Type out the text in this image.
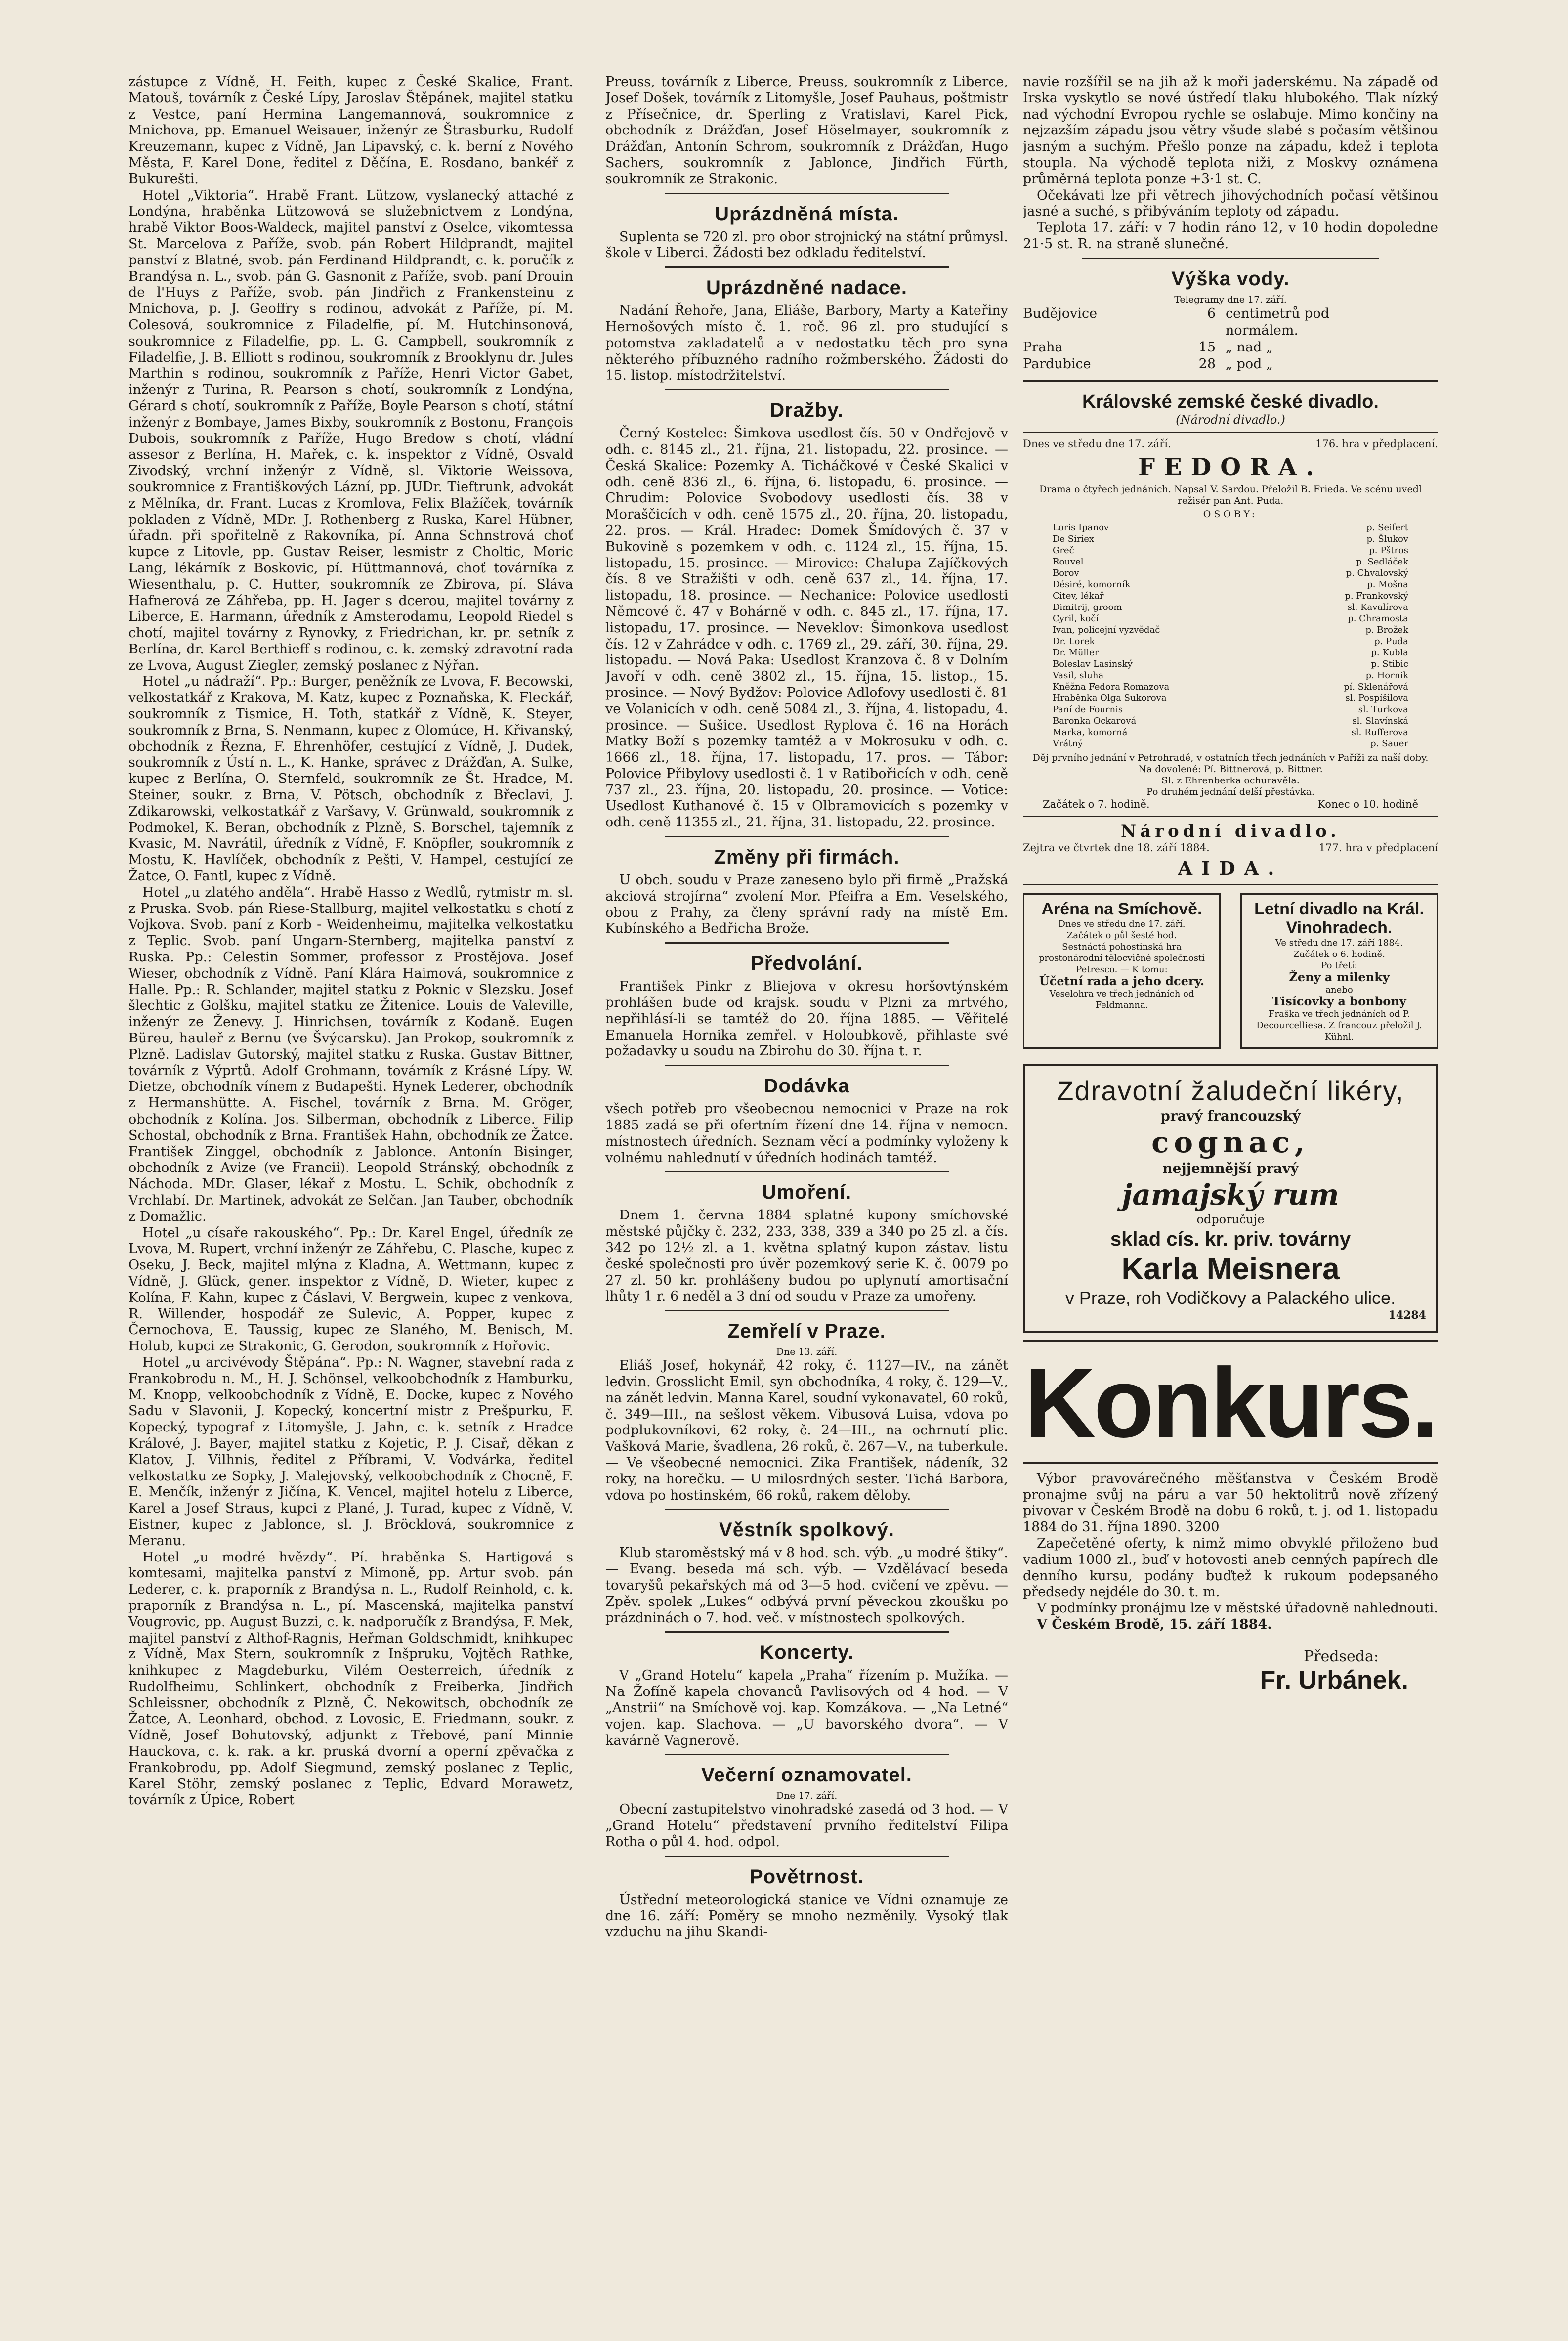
zástupce z Vídně, H. Feith, kupec z České Skalice, Frant. Matouš, továrník z České Lípy, Jaroslav Štěpánek, majitel statku z Vestce, paní Hermina Langemannová, soukromnice z Mnichova, pp. Emanuel Weisauer, inženýr ze Štrasburku, Rudolf Kreuzemann, kupec z Vídně, Jan Lipavský, c. k. berní z Nového Města, F. Karel Done, ředitel z Děčína, E. Rosdano, bankéř z Bukurešti.

Hotel „Viktoria“. Hrabě Frant. Lützow, vyslanecký attaché z Londýna, hraběnka Lützowová se služebnictvem z Londýna, hrabě Viktor Boos-Waldeck, majitel panství z Oselce, vikomtessa St. Marcelova z Paříže, svob. pán Robert Hildprandt, majitel panství z Blatné, svob. pán Ferdinand Hildprandt, c. k. poručík z Brandýsa n. L., svob. pán G. Gasnonit z Paříže, svob. paní Drouin de l'Huys z Paříže, svob. pán Jindřich z Frankensteinu z Mnichova, p. J. Geoffry s rodinou, advokát z Paříže, pí. M. Colesová, soukromnice z Filadelfie, pí. M. Hutchinsonová, soukromnice z Filadelfie, pp. L. G. Campbell, soukromník z Filadelfie, J. B. Elliott s rodinou, soukromník z Brooklynu dr. Jules Marthin s rodinou, soukromník z Paříže, Henri Victor Gabet, inženýr z Turina, R. Pearson s chotí, soukromník z Londýna, Gérard s chotí, soukromník z Paříže, Boyle Pearson s chotí, státní inženýr z Bombaye, James Bixby, soukromník z Bostonu, François Dubois, soukromník z Paříže, Hugo Bredow s chotí, vládní assesor z Berlína, H. Mařek, c. k. inspektor z Vídně, Osvald Zivodský, vrchní inženýr z Vídně, sl. Viktorie Weissova, soukromnice z Františkových Lázní, pp. JUDr. Tieftrunk, advokát z Mělníka, dr. Frant. Lucas z Kromlova, Felix Blažíček, továrník pokladen z Vídně, MDr. J. Rothenberg z Ruska, Karel Hübner, úřadn. při spořitelně z Rakovníka, pí. Anna Schnstrová choť kupce z Litovle, pp. Gustav Reiser, lesmistr z Choltic, Moric Lang, lékárník z Boskovic, pí. Hüttmannová, choť továrníka z Wiesenthalu, p. C. Hutter, soukromník ze Zbirova, pí. Sláva Hafnerová ze Záhřeba, pp. H. Jager s dcerou, majitel továrny z Liberce, E. Harmann, úředník z Amsterodamu, Leopold Riedel s chotí, majitel továrny z Rynovky, z Friedrichan, kr. pr. setník z Berlína, dr. Karel Berthieff s rodinou, c. k. zemský zdravotní rada ze Lvova, August Ziegler, zemský poslanec z Nýřan.

Hotel „u nádraží“. Pp.: Burger, peněžník ze Lvova, F. Becowski, velkostatkář z Krakova, M. Katz, kupec z Poznaňska, K. Fleckář, soukromník z Tismice, H. Toth, statkář z Vídně, K. Steyer, soukromník z Brna, S. Nenmann, kupec z Olomúce, H. Křivanský, obchodník z Řezna, F. Ehrenhöfer, cestující z Vídně, J. Dudek, soukromník z Ústí n. L., K. Hanke, správec z Drážďan, A. Sulke, kupec z Berlína, O. Sternfeld, soukromník ze Št. Hradce, M. Steiner, soukr. z Brna, V. Pötsch, obchodník z Břeclavi, J. Zdikarowski, velkostatkář z Varšavy, V. Grünwald, soukromník z Podmokel, K. Beran, obchodník z Plzně, S. Borschel, tajemník z Kvasic, M. Navrátil, úředník z Vídně, F. Knöpfler, soukromník z Mostu, K. Havlíček, obchodník z Pešti, V. Hampel, cestující ze Žatce, O. Fantl, kupec z Vídně.

Hotel „u zlatého anděla“. Hrabě Hasso z Wedlů, rytmistr m. sl. z Pruska. Svob. pán Riese-Stallburg, majitel velkostatku s chotí z Vojkova. Svob. paní z Korb - Weidenheimu, majitelka velkostatku z Teplic. Svob. paní Ungarn-Sternberg, majitelka panství z Ruska. Pp.: Celestin Sommer, professor z Prostějova. Josef Wieser, obchodník z Vídně. Paní Klára Haimová, soukromnice z Halle. Pp.: R. Schlander, majitel statku z Poknic v Slezsku. Josef šlechtic z Golšku, majitel statku ze Žitenice. Louis de Valeville, inženýr ze Ženevy. J. Hinrichsen, továrník z Kodaně. Eugen Büreu, hauleř z Bernu (ve Švýcarsku). Jan Prokop, soukromník z Plzně. Ladislav Gutorský, majitel statku z Ruska. Gustav Bittner, továrník z Výprtů. Adolf Grohmann, továrník z Krásné Lípy. W. Dietze, obchodník vínem z Budapešti. Hynek Lederer, obchodník z Hermanshütte. A. Fischel, továrník z Brna. M. Gröger, obchodník z Kolína. Jos. Silberman, obchodník z Liberce. Filip Schostal, obchodník z Brna. František Hahn, obchodník ze Žatce. František Zinggel, obchodník z Jablonce. Antonín Bisinger, obchodník z Avize (ve Francii). Leopold Stránský, obchodník z Náchoda. MDr. Glaser, lékař z Mostu. L. Schik, obchodník z Vrchlabí. Dr. Martinek, advokát ze Selčan. Jan Tauber, obchodník z Domažlic.

Hotel „u císaře rakouského“. Pp.: Dr. Karel Engel, úředník ze Lvova, M. Rupert, vrchní inženýr ze Záhřebu, C. Plasche, kupec z Oseku, J. Beck, majitel mlýna z Kladna, A. Wettmann, kupec z Vídně, J. Glück, gener. inspektor z Vídně, D. Wieter, kupec z Kolína, F. Kahn, kupec z Čáslavi, V. Bergwein, kupec z venkova, R. Willender, hospodář ze Sulevic, A. Popper, kupec z Černochova, E. Taussig, kupec ze Slaného, M. Benisch, M. Holub, kupci ze Strakonic, G. Gerodon, soukromník z Hořovic.

Hotel „u arcivévody Štěpána“. Pp.: N. Wagner, stavební rada z Frankobrodu n. M., H. J. Schönsel, velkoobchodník z Hamburku, M. Knopp, velkoobchodník z Vídně, E. Docke, kupec z Nového Sadu v Slavonii, J. Kopecký, koncertní mistr z Prešpurku, F. Kopecký, typograf z Litomyšle, J. Jahn, c. k. setník z Hradce Králové, J. Bayer, majitel statku z Kojetic, P. J. Cisař, děkan z Klatov, J. Vilhnis, ředitel z Příbrami, V. Vodvárka, ředitel velkostatku ze Sopky, J. Malejovský, velkoobchodník z Chocně, F. E. Menčík, inženýr z Jičína, K. Vencel, majitel hotelu z Liberce, Karel a Josef Straus, kupci z Plané, J. Turad, kupec z Vídně, V. Eistner, kupec z Jablonce, sl. J. Bröcklová, soukromnice z Meranu.

Hotel „u modré hvězdy“. Pí. hraběnka S. Hartigová s komtesami, majitelka panství z Mimoně, pp. Artur svob. pán Lederer, c. k. praporník z Brandýsa n. L., Rudolf Reinhold, c. k. praporník z Brandýsa n. L., pí. Mascenská, majitelka panství Vougrovic, pp. August Buzzi, c. k. nadporučík z Brandýsa, F. Mek, majitel panství z Althof-Ragnis, Heřman Goldschmidt, knihkupec z Vídně, Max Stern, soukromník z Inšpruku, Vojtěch Rathke, knihkupec z Magdeburku, Vilém Oesterreich, úředník z Rudolfheimu, Schlinkert, obchodník z Freiberka, Jindřich Schleissner, obchodník z Plzně, Č. Nekowitsch, obchodník ze Žatce, A. Leonhard, obchod. z Lovosic, E. Friedmann, soukr. z Vídně, Josef Bohutovský, adjunkt z Třebové, paní Minnie Hauckova, c. k. rak. a kr. pruská dvorní a operní zpěvačka z Frankobrodu, pp. Adolf Siegmund, zemský poslanec z Teplic, Karel Stöhr, zemský poslanec z Teplic, Edvard Morawetz, továrník z Úpice, Robert

Preuss, továrník z Liberce, Preuss, soukromník z Liberce, Josef Došek, továrník z Litomyšle, Josef Pauhaus, poštmistr z Přísečnice, dr. Sperling z Vratislavi, Karel Pick, obchodník z Drážďan, Josef Höselmayer, soukromník z Drážďan, Antonín Schrom, soukromník z Drážďan, Hugo Sachers, soukromník z Jablonce, Jindřich Fürth, soukromník ze Strakonic.

Uprázdněná místa.

Suplenta se 720 zl. pro obor strojnický na státní průmysl. škole v Liberci. Žádosti bez odkladu ředitelství.

Uprázdněné nadace.

Nadání Řehoře, Jana, Eliáše, Barbory, Marty a Kateřiny Hernošových místo č. 1. roč. 96 zl. pro studující s potomstva zakladatelů a v nedostatku těch pro syna některého příbuzného radního rožmberského. Žádosti do 15. listop. místodržitelství.

Dražby.

Černý Kostelec: Šimkova usedlost čís. 50 v Ondřejově v odh. c. 8145 zl., 21. října, 21. listopadu, 22. prosince. — Česká Skalice: Pozemky A. Ticháčkové v České Skalici v odh. ceně 836 zl., 6. října, 6. listopadu, 6. prosince. — Chrudim: Polovice Svobodovy usedlosti čís. 38 v Moraščicích v odh. ceně 1575 zl., 20. října, 20. listopadu, 22. pros. — Král. Hradec: Domek Šmídových č. 37 v Bukovině s pozemkem v odh. c. 1124 zl., 15. října, 15. listopadu, 15. prosince. — Mirovice: Chalupa Zajíčkových čís. 8 ve Stražišti v odh. ceně 637 zl., 14. října, 17. listopadu, 18. prosince. — Nechanice: Polovice usedlosti Němcové č. 47 v Bohárně v odh. c. 845 zl., 17. října, 17. listopadu, 17. prosince. — Neveklov: Šimonkova usedlost čís. 12 v Zahrádce v odh. c. 1769 zl., 29. září, 30. října, 29. listopadu. — Nová Paka: Usedlost Kranzova č. 8 v Dolním Javoří v odh. ceně 3802 zl., 15. října, 15. listop., 15. prosince. — Nový Bydžov: Polovice Adlofovy usedlosti č. 81 ve Volanicích v odh. ceně 5084 zl., 3. října, 4. listopadu, 4. prosince. — Sušice. Usedlost Ryplova č. 16 na Horách Matky Boží s pozemky tamtéž a v Mokrosuku v odh. c. 1666 zl., 18. října, 17. listopadu, 17. pros. — Tábor: Polovice Přibylovy usedlosti č. 1 v Ratibořicích v odh. ceně 737 zl., 23. října, 20. listopadu, 20. prosince. — Votice: Usedlost Kuthanové č. 15 v Olbramovicích s pozemky v odh. ceně 11355 zl., 21. října, 31. listopadu, 22. prosince.

Změny při firmách.

U obch. soudu v Praze zaneseno bylo při firmě „Pražská akciová strojírna“ zvolení Mor. Pfeifra a Em. Veselského, obou z Prahy, za členy správní rady na místě Em. Kubínského a Bedřicha Brože.

Předvolání.

František Pinkr z Bliejova v okresu horšovtýnském prohlášen bude od krajsk. soudu v Plzni za mrtvého, nepřihlásí-li se tamtéž do 20. října 1885. — Věřitelé Emanuela Hornika zemřel. v Holoubkově, přihlaste své požadavky u soudu na Zbirohu do 30. října t. r.

Dodávka

všech potřeb pro všeobecnou nemocnici v Praze na rok 1885 zadá se při ofertním řízení dne 14. října v nemocn. místnostech úředních. Seznam věcí a podmínky vyloženy k volnému nahlednutí v úředních hodinách tamtéž.

Umoření.

Dnem 1. června 1884 splatné kupony smíchovské městské půjčky č. 232, 233, 338, 339 a 340 po 25 zl. a čís. 342 po 12½ zl. a 1. května splatný kupon zástav. listu české společnosti pro úvěr pozemkový serie K. č. 0079 po 27 zl. 50 kr. prohlášeny budou po uplynutí amortisační lhůty 1 r. 6 neděl a 3 dní od soudu v Praze za umořeny.

Zemřelí v Praze.
Dne 13. září.

Eliáš Josef, hokynář, 42 roky, č. 1127—IV., na zánět ledvin. Grosslicht Emil, syn obchodníka, 4 roky, č. 129—V., na zánět ledvin. Manna Karel, soudní vykonavatel, 60 roků, č. 349—III., na sešlost věkem. Vibusová Luisa, vdova po podplukovníkovi, 62 roky, č. 24—III., na ochrnutí plic. Vašková Marie, švadlena, 26 roků, č. 267—V., na tuberkule. — Ve všeobecné nemocnici. Zika František, nádeník, 32 roky, na horečku. — U milosrdných sester. Tichá Barbora, vdova po hostinském, 66 roků, rakem děloby.

Věstník spolkový.

Klub staroměstský má v 8 hod. sch. výb. „u modré štiky“. — Evang. beseda má sch. výb. — Vzdělávací beseda tovaryšů pekařských má od 3—5 hod. cvičení ve zpěvu. — Zpěv. spolek „Lukes“ odbývá první pěveckou zkoušku po prázdninách o 7. hod. več. v místnostech spolkových.

Koncerty.

V „Grand Hotelu“ kapela „Praha“ řízením p. Mužíka. — Na Žofíně kapela chovanců Pavlisových od 4 hod. — V „Anstrii“ na Smíchově voj. kap. Komzákova. — „Na Letné“ vojen. kap. Slachova. — „U bavorského dvora“. — V kavárně Vagnerově.

Večerní oznamovatel.
Dne 17. září.

Obecní zastupitelstvo vinohradské zasedá od 3 hod. — V „Grand Hotelu“ představení prvního ředitelství Filipa Rotha o půl 4. hod. odpol.

Povětrnost.

Ústřední meteorologická stanice ve Vídni oznamuje ze dne 16. září: Poměry se mnoho nezměnily. Vysoký tlak vzduchu na jihu Skandi-

navie rozšířil se na jih až k moři jaderskému. Na západě od Irska vyskytlo se nové ústředí tlaku hlubokého. Tlak nízký nad východní Evropou rychle se oslabuje. Mimo končiny na nejzazším západu jsou větry všude slabé s počasím většinou jasným a suchým. Přešlo ponze na západu, kdež i teplota stoupla. Na východě teplota niži, z Moskvy oznámena průměrná teplota ponze +3·1 st. C.

Očekávati lze při větrech jihovýchodních počasí většinou jasné a suché, s přibýváním teploty od západu.

Teplota 17. září: v 7 hodin ráno 12, v 10 hodin dopoledne 21·5 st. R. na straně slunečné.

Výška vody.
Telegramy dne 17. září.
Budějovice	6 centimetrů pod normálem.
Praha	15 „ nad „
Pardubice	28 „ pod „
Královské zemské české divadlo.
(Národní divadlo.)
Dnes ve středu dne 17. září.	176. hra v předplacení.
FEDORA.
Drama o čtyřech jednáních. Napsal V. Sardou. Přeložil B. Frieda. Ve scénu uvedl režisér pan Ant. Puda.
OSOBY:
Loris Ipanov	p. Seifert
De Siriex	p. Šlukov
Greč	p. Pštros
Rouvel	p. Sedláček
Borov	p. Chvalovský
Désiré, komorník	p. Mošna
Citev, lékař	p. Frankovský
Dimitrij, groom	sl. Kavalírova
Cyril, kočí	p. Chramosta
Ivan, policejní vyzvědač	p. Brožek
Dr. Lorek	p. Puda
Dr. Müller	p. Kubla
Boleslav Lasinský	p. Stibic
Vasil, sluha	p. Hornik
Kněžna Fedora Romazova	pí. Sklenářová
Hraběnka Olga Sukorova	sl. Pospíšilova
Paní de Fournis	sl. Turkova
Baronka Ockarová	sl. Slavínská
Marka, komorná	sl. Rufferova
Vrátný	p. Sauer
Děj prvního jednání v Petrohradě, v ostatních třech jednáních v Paříži za naší doby.
Na dovolené: Pí. Bittnerová, p. Bittner.
Sl. z Ehrenberka ochuravěla.
Po druhém jednání delší přestávka.
Začátek o 7. hodině.	Konec o 10. hodině
Národní divadlo.
Zejtra ve čtvrtek dne 18. září 1884.	177. hra v předplacení
AIDA.
Aréna na Smíchově.
Dnes ve středu dne 17. září.
Začátek o půl šesté hod.
Sestnáctá pohostinská hra prostonárodní tělocvičné společnosti Petresco. — K tomu:
Účetní rada a jeho dcery.
Veselohra ve třech jednáních od Feldmanna.
Letní divadlo na Král. Vinohradech.
Ve středu dne 17. září 1884.
Začátek o 6. hodině.
Po třetí:
Ženy a milenky
anebo
Tisícovky a bonbony
Fraška ve třech jednáních od P. Decourcelliesa. Z francouz přeložil J. Kühnl.
Zdravotní žaludeční likéry,
pravý francouzský
cognac,
nejjemnější pravý
jamajský rum
odporučuje
sklad cís. kr. priv. továrny
Karla Meisnera
v Praze, roh Vodičkovy a Palackého ulice.
14284
Konkurs.

Výbor pravovárečného měšťanstva v Českém Brodě pronajme svůj na páru a var 50 hektolitrů nově zřízený pivovar v Českém Brodě na dobu 6 roků, t. j. od 1. listopadu 1884 do 31. října 1890. 3200

Zapečetěné oferty, k nimž mimo obvyklé přiloženo buď vadium 1000 zl., buď v hotovosti aneb cenných papírech dle denního kursu, podány buďtež k rukoum podepsaného předsedy nejdéle do 30. t. m.

V podmínky pronájmu lze v městské úřadovně nahlednouti.

V Českém Brodě, 15. září 1884.

Předseda:
Fr. Urbánek.
